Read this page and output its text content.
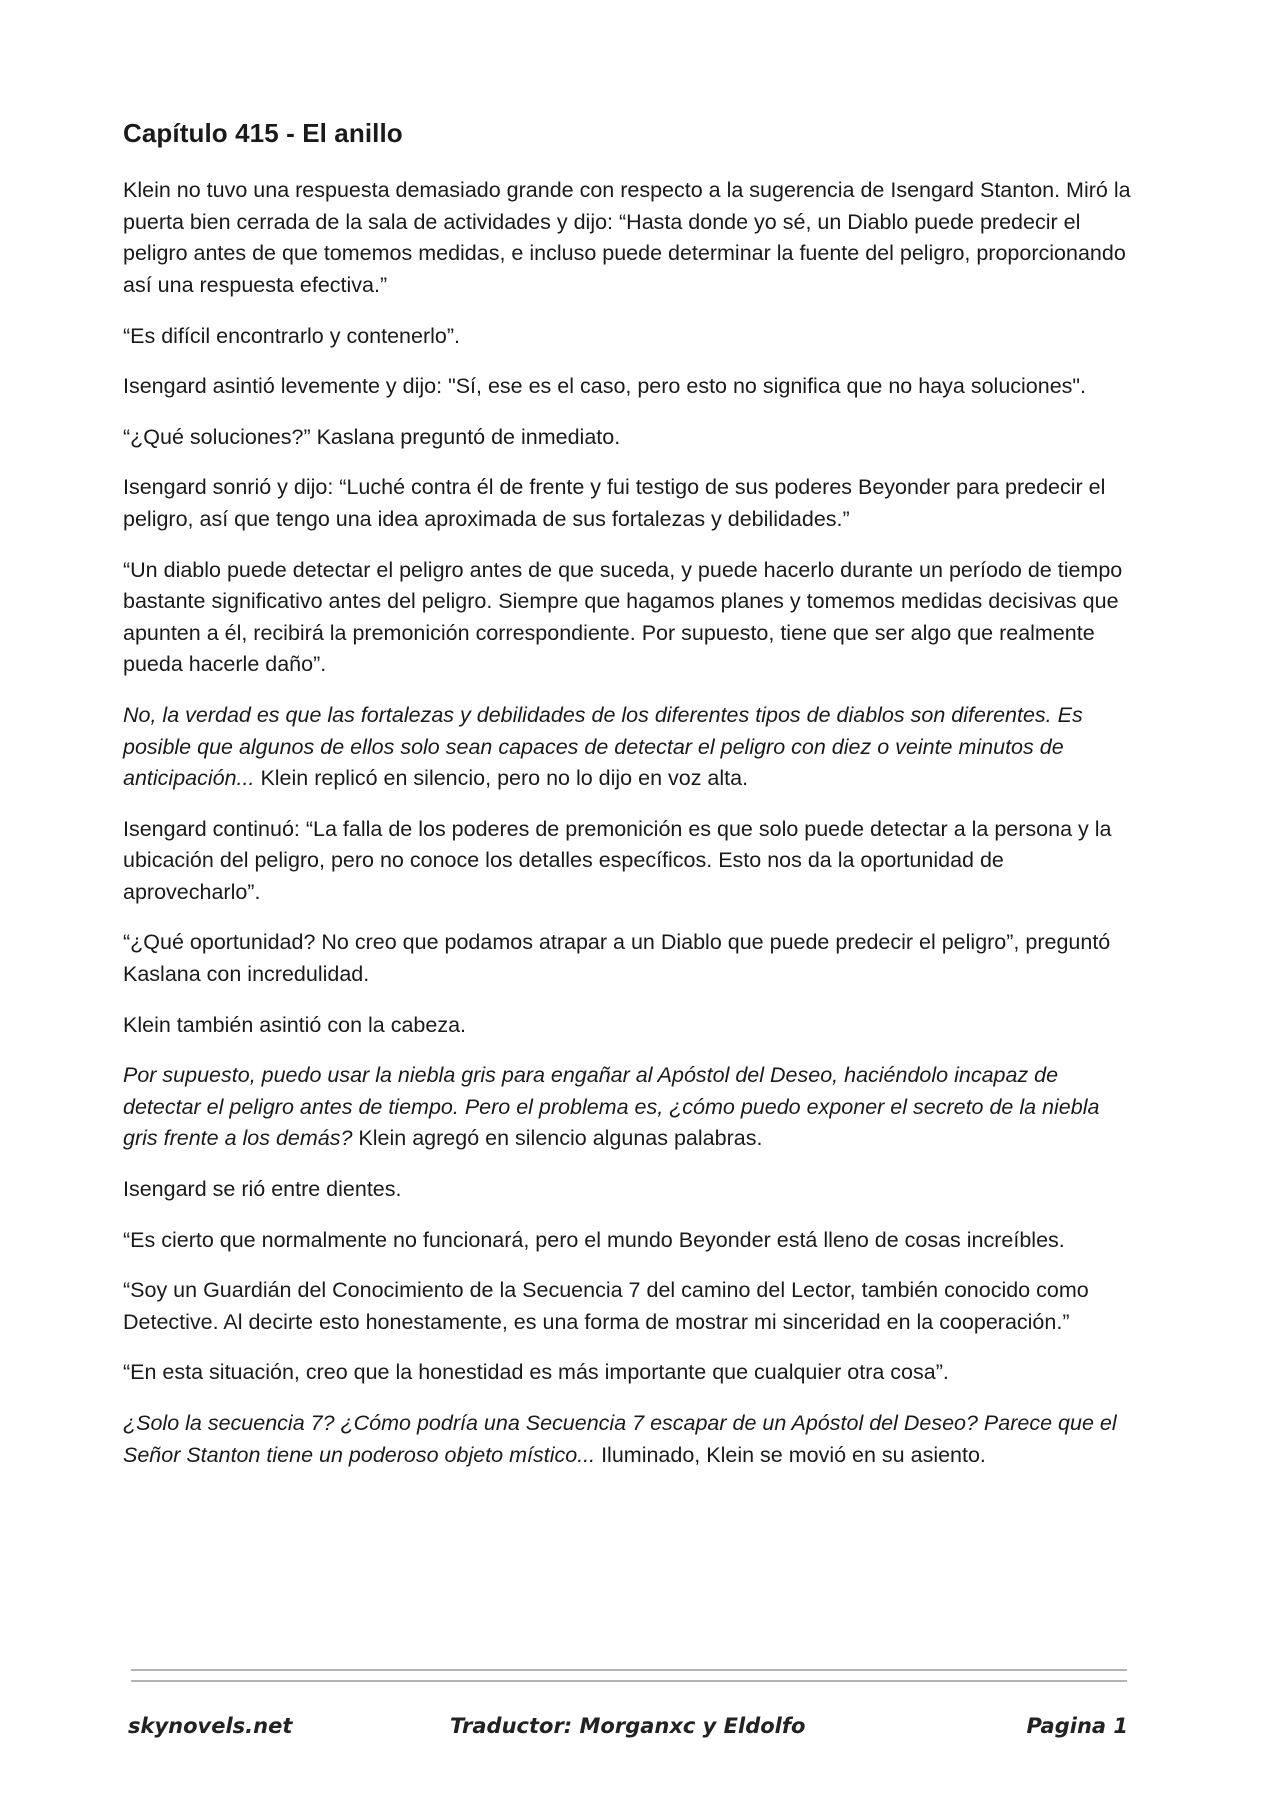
Capítulo 415 - El anillo

Klein no tuvo una respuesta demasiado grande con respecto a la sugerencia de Isengard Stanton. Miró la puerta bien cerrada de la sala de actividades y dijo: “Hasta donde yo sé, un Diablo puede predecir el peligro antes de que tomemos medidas, e incluso puede determinar la fuente del peligro, proporcionando así una respuesta efectiva.”

“Es difícil encontrarlo y contenerlo”.

Isengard asintió levemente y dijo: "Sí, ese es el caso, pero esto no significa que no haya soluciones".

“¿Qué soluciones?” Kaslana preguntó de inmediato.

Isengard sonrió y dijo: “Luché contra él de frente y fui testigo de sus poderes Beyonder para predecir el peligro, así que tengo una idea aproximada de sus fortalezas y debilidades.”

“Un diablo puede detectar el peligro antes de que suceda, y puede hacerlo durante un período de tiempo bastante significativo antes del peligro. Siempre que hagamos planes y tomemos medidas decisivas que apunten a él, recibirá la premonición correspondiente. Por supuesto, tiene que ser algo que realmente pueda hacerle daño”.

No, la verdad es que las fortalezas y debilidades de los diferentes tipos de diablos son diferentes. Es posible que algunos de ellos solo sean capaces de detectar el peligro con diez o veinte minutos de anticipación... Klein replicó en silencio, pero no lo dijo en voz alta.

Isengard continuó: “La falla de los poderes de premonición es que solo puede detectar a la persona y la ubicación del peligro, pero no conoce los detalles específicos. Esto nos da la oportunidad de aprovecharlo”.

“¿Qué oportunidad? No creo que podamos atrapar a un Diablo que puede predecir el peligro”, preguntó Kaslana con incredulidad.

Klein también asintió con la cabeza.

Por supuesto, puedo usar la niebla gris para engañar al Apóstol del Deseo, haciéndolo incapaz de detectar el peligro antes de tiempo. Pero el problema es, ¿cómo puedo exponer el secreto de la niebla gris frente a los demás? Klein agregó en silencio algunas palabras.

Isengard se rió entre dientes.

“Es cierto que normalmente no funcionará, pero el mundo Beyonder está lleno de cosas increíbles.

“Soy un Guardián del Conocimiento de la Secuencia 7 del camino del Lector, también conocido como Detective. Al decirte esto honestamente, es una forma de mostrar mi sinceridad en la cooperación.”

“En esta situación, creo que la honestidad es más importante que cualquier otra cosa”.

¿Solo la secuencia 7? ¿Cómo podría una Secuencia 7 escapar de un Apóstol del Deseo? Parece que el Señor Stanton tiene un poderoso objeto místico... Iluminado, Klein se movió en su asiento.

skynovels.net	Traductor: Morganxc y Eldolfo	Pagina 1
